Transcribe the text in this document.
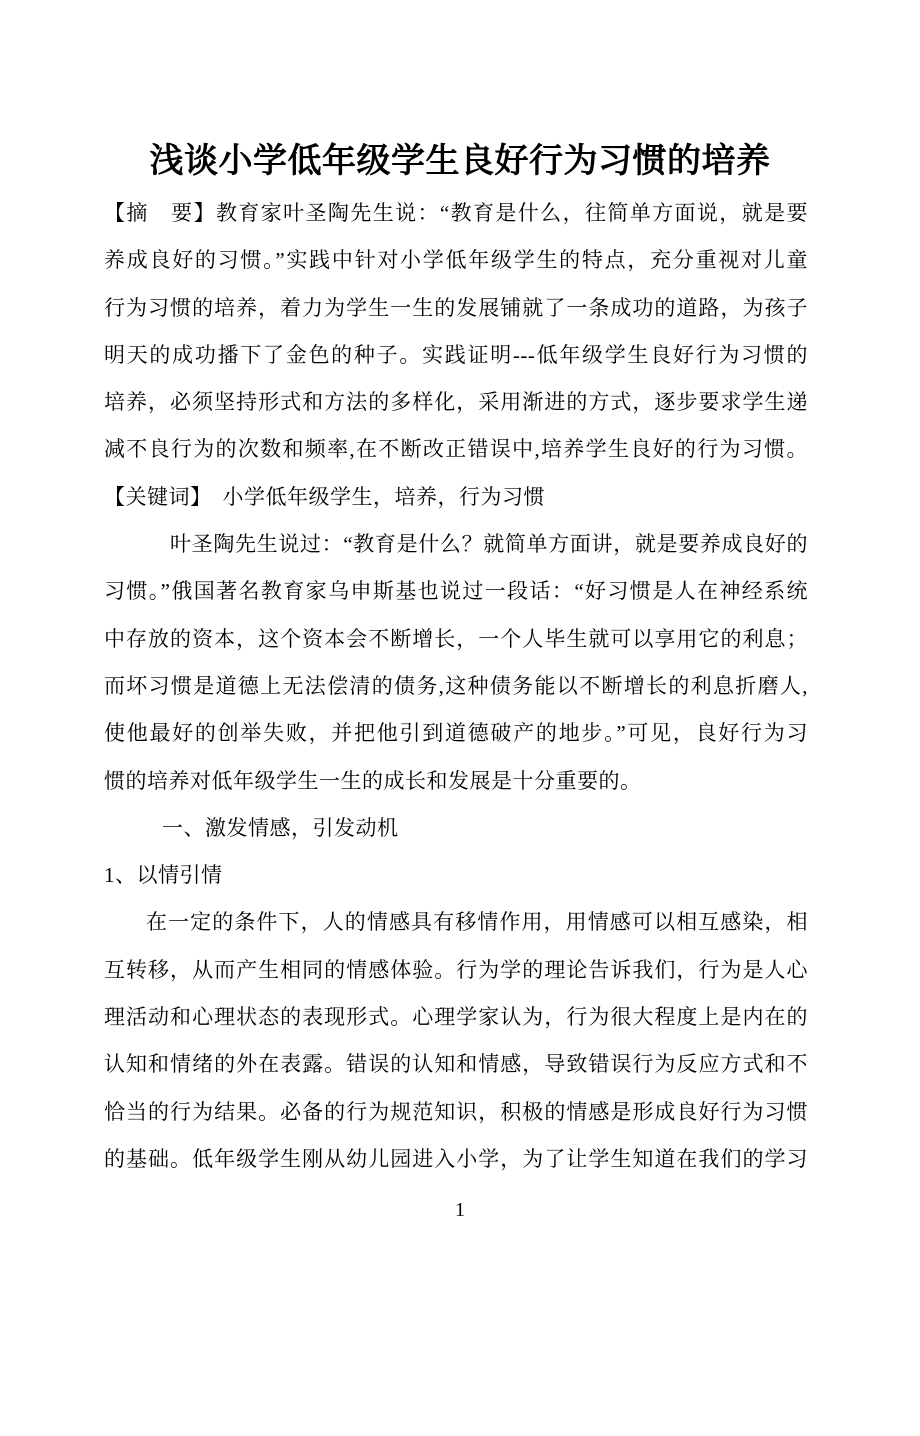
浅谈小学低年级学生良好行为习惯的培养
【摘　要】教育家叶圣陶先生说：“教育是什么，往简单方面说，就是要
养成良好的习惯。”实践中针对小学低年级学生的特点，充分重视对儿童
行为习惯的培养，着力为学生一生的发展铺就了一条成功的道路，为孩子
明天的成功播下了金色的种子。实践证明---低年级学生良好行为习惯的
培养，必须坚持形式和方法的多样化，采用渐进的方式，逐步要求学生递
减不良行为的次数和频率,在不断改正错误中,培养学生良好的行为习惯。
【关键词】　小学低年级学生，培养，行为习惯
叶圣陶先生说过：“教育是什么？就简单方面讲，就是要养成良好的
习惯。”俄国著名教育家乌申斯基也说过一段话：“好习惯是人在神经系统
中存放的资本，这个资本会不断增长，一个人毕生就可以享用它的利息；
而坏习惯是道德上无法偿清的债务,这种债务能以不断增长的利息折磨人,
使他最好的创举失败，并把他引到道德破产的地步。”可见，良好行为习
惯的培养对低年级学生一生的成长和发展是十分重要的。
一、激发情感，引发动机
1、以情引情
在一定的条件下，人的情感具有移情作用，用情感可以相互感染，相
互转移，从而产生相同的情感体验。行为学的理论告诉我们，行为是人心
理活动和心理状态的表现形式。心理学家认为，行为很大程度上是内在的
认知和情绪的外在表露。错误的认知和情感，导致错误行为反应方式和不
恰当的行为结果。必备的行为规范知识，积极的情感是形成良好行为习惯
的基础。低年级学生刚从幼儿园进入小学，为了让学生知道在我们的学习
1
